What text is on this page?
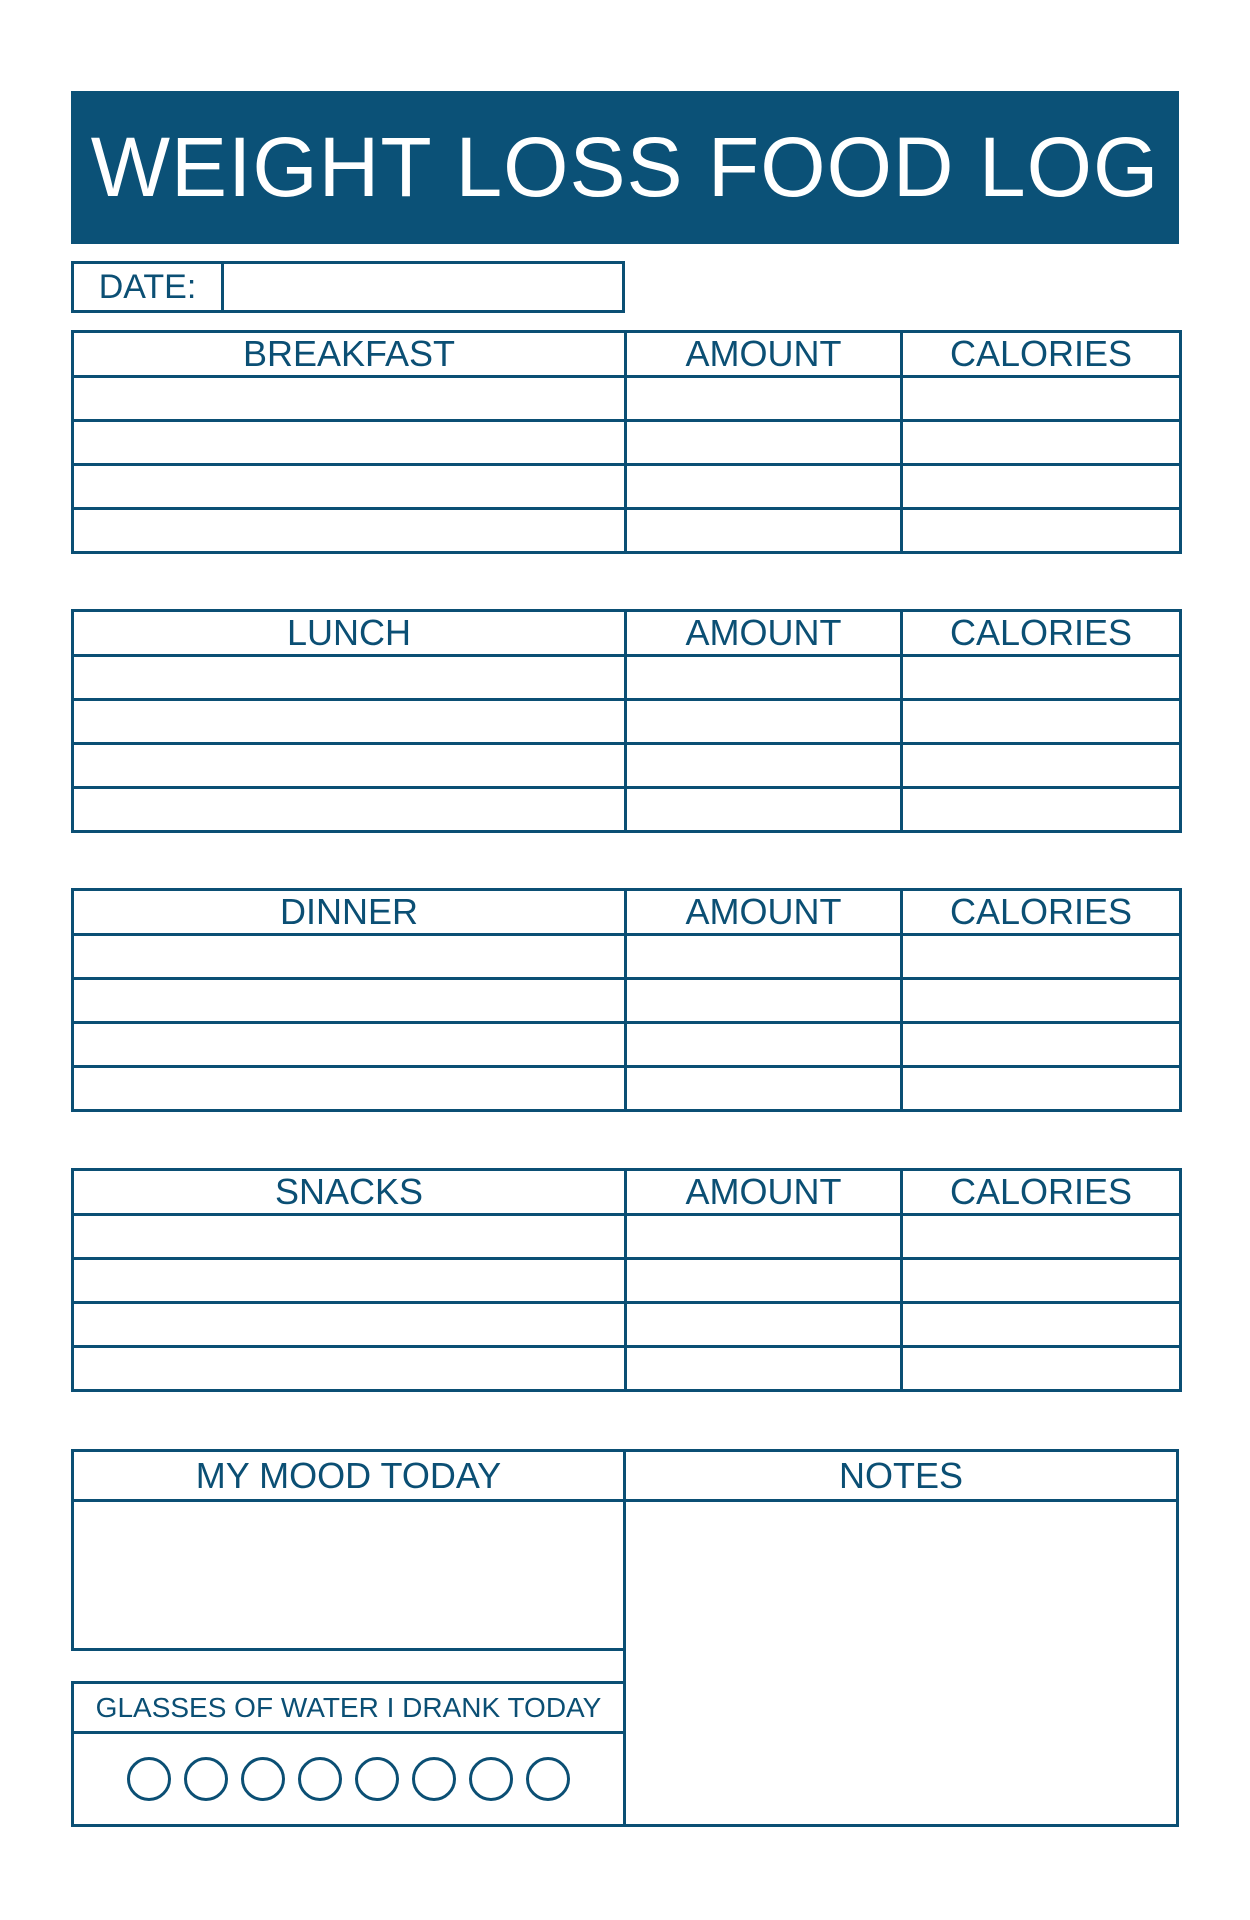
WEIGHT LOSS FOOD LOG
DATE:
BREAKFAST	AMOUNT	CALORIES

LUNCH	AMOUNT	CALORIES

DINNER	AMOUNT	CALORIES

SNACKS	AMOUNT	CALORIES

MY MOOD TODAY	NOTES
GLASSES OF WATER I DRANK TODAY
